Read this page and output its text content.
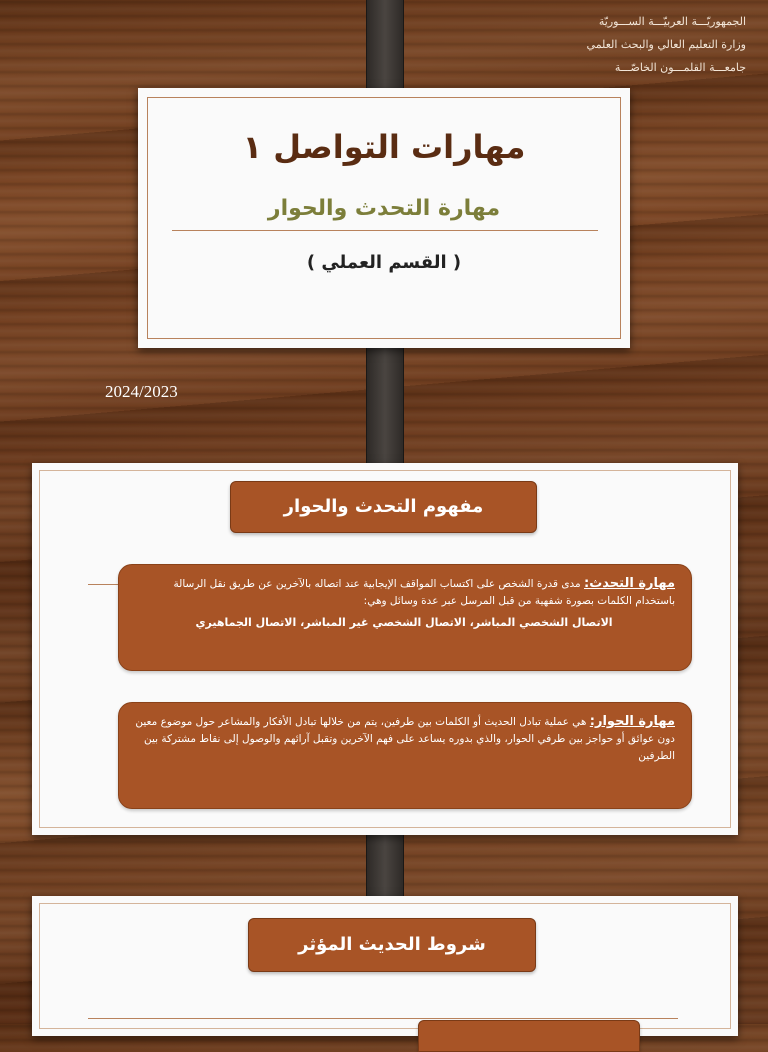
الجمهوريّـــة العربيّـــة الســـوريّة
وزارة التعليم العالي والبحث العلمي
جامعـــة القلمـــون الخاصّـــة
مهارات التواصل ١
مهارة التحدث والحوار
( القسم العملي )
2024/2023
مفهوم التحدث والحوار
مهارة التحدث: مدى قدرة الشخص على اكتساب المواقف الإيجابية عند اتصاله بالآخرين عن طريق نقل الرسالة باستخدام الكلمات بصورة شفهية من قبل المرسل عبر عدة وسائل وهي:
الاتصال الشخصي المباشر، الاتصال الشخصي غير المباشر، الاتصال الجماهيري
مهارة الحوار: هي عملية تبادل الحديث أو الكلمات بين طرفين، يتم من خلالها تبادل الأفكار والمشاعر حول موضوع معين دون عوائق أو حواجز بين طرفي الحوار، والذي بدوره يساعد على فهم الآخرين وتقبل آرائهم والوصول إلى نقاط مشتركة بين الطرفين
شروط الحديث المؤثر
